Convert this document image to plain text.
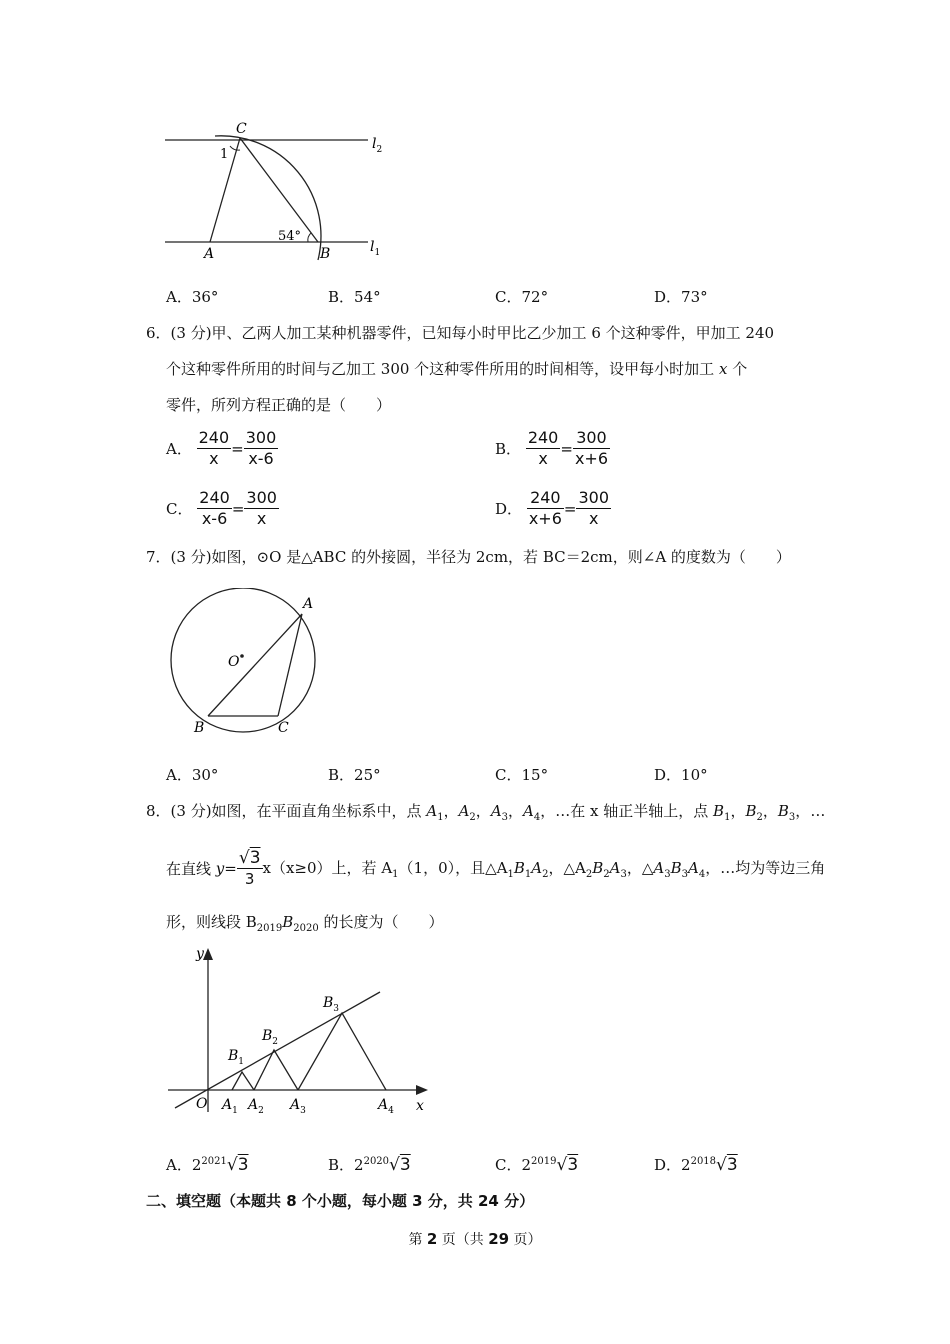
C
$l_2$
1
54°
A	B	$l_1$
A．36°	B．54°	C．72°	D．73°
6．(3 分)甲、乙两人加工某种机器零件，已知每小时甲比乙少加工 6 个这种零件，甲加工 240
个这种零件所用的时间与乙加工 300 个这种零件所用的时间相等，设甲每小时加工 x 个
零件，所列方程正确的是（　　）
A． $\frac{240}{x} = \frac{300}{x-6}$	B． $\frac{240}{x} = \frac{300}{x+6}$
C． $\frac{240}{x-6} = \frac{300}{x}$	D． $\frac{240}{x+6} = \frac{300}{x}$
7．(3 分)如图，⊙O 是△ABC 的外接圆，半径为 2cm，若 BC＝2cm，则∠A 的度数为（　　）
A
O
B	C
A．30°	B．25°	C．15°	D．10°
8．(3 分)如图，在平面直角坐标系中，点 $A_1$，$A_2$，$A_3$，$A_4$，…在 x 轴正半轴上，点 $B_1$，$B_2$，$B_3$，…
在直线 $y= \frac{√3}{3} x(x\ge 0)$上，若 $A_1(1$，0），且$\triangle A_1B_1A_2$，$\triangle A_2B_2A_3$，$\triangle A_3B_3A_4$，…均为等边三角
形，则线段 $B_{2019}B_{2020}$ 的长度为（　　）
y
x
O $A_1$ $A_2$ $A_3$	$A_4$
$B_1$
$B_2$
$B_3$
A．$2^{2021}√3$	B．$2^{2020}√3$	C．$2^{2019}√3$	D．$2^{2018}√3$
二、填空题（本题共 8 个小题，每小题 3 分，共 24 分）
第 2 页（共 29 页）
